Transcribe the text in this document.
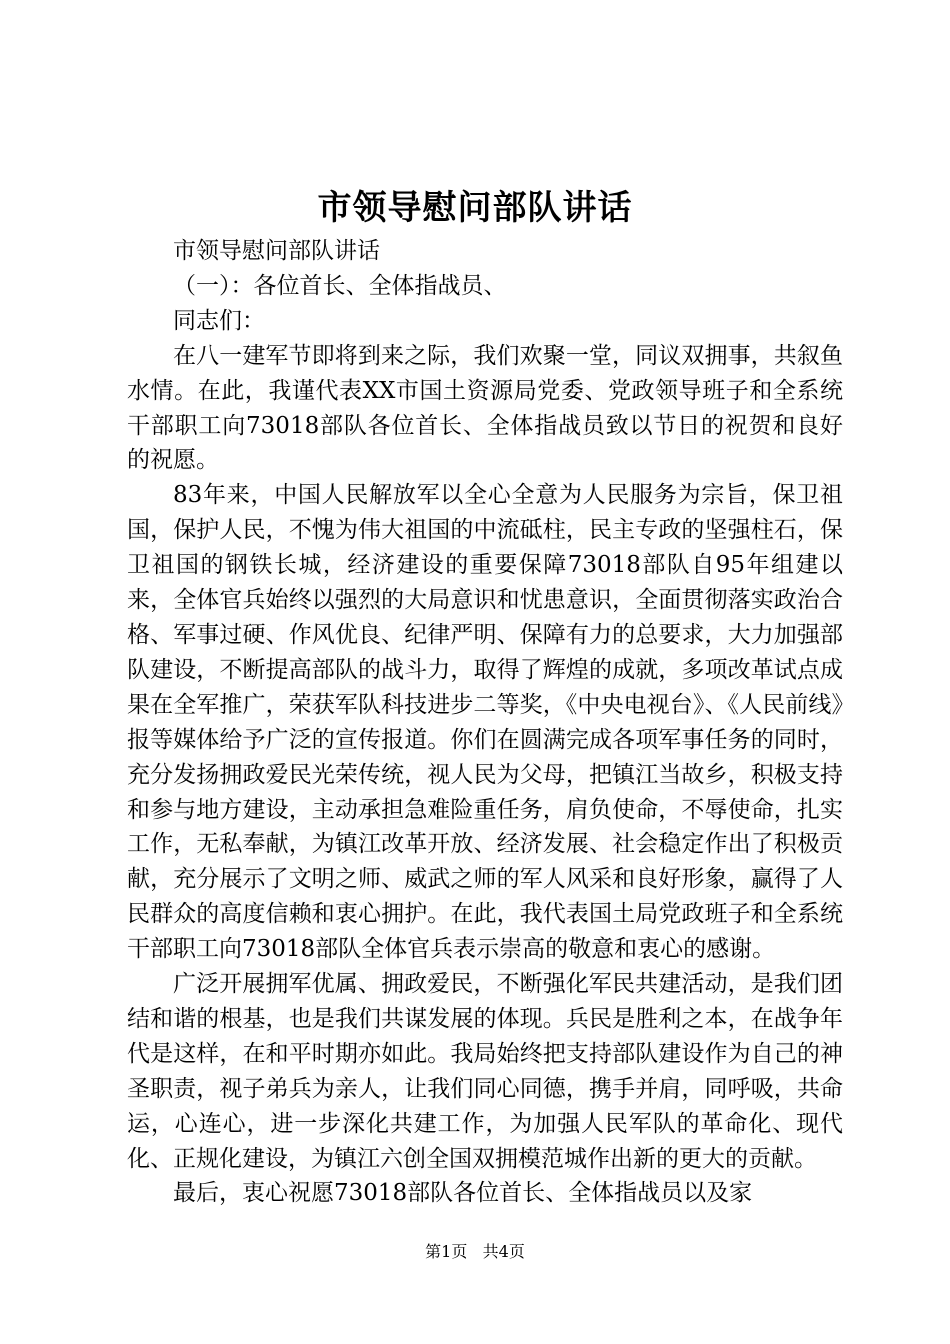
市领导慰问部队讲话

市领导慰问部队讲话

（一）：各位首长、全体指战员、

同志们：

在八一建军节即将到来之际，我们欢聚一堂，同议双拥事，共叙鱼水情。在此，我谨代表XX市国土资源局党委、党政领导班子和全系统干部职工向73018部队各位首长、全体指战员致以节日的祝贺和良好的祝愿。

83年来，中国人民解放军以全心全意为人民服务为宗旨，保卫祖国，保护人民，不愧为伟大祖国的中流砥柱，民主专政的坚强柱石，保卫祖国的钢铁长城，经济建设的重要保障73018部队自95年组建以来，全体官兵始终以强烈的大局意识和忧患意识，全面贯彻落实政治合格、军事过硬、作风优良、纪律严明、保障有力的总要求，大力加强部队建设，不断提高部队的战斗力，取得了辉煌的成就，多项改革试点成果在全军推广，荣获军队科技进步二等奖，《中央电视台》、《人民前线》报等媒体给予广泛的宣传报道。你们在圆满完成各项军事任务的同时，充分发扬拥政爱民光荣传统，视人民为父母，把镇江当故乡，积极支持和参与地方建设，主动承担急难险重任务，肩负使命，不辱使命，扎实工作，无私奉献，为镇江改革开放、经济发展、社会稳定作出了积极贡献，充分展示了文明之师、威武之师的军人风采和良好形象，赢得了人民群众的高度信赖和衷心拥护。在此，我代表国土局党政班子和全系统干部职工向73018部队全体官兵表示崇高的敬意和衷心的感谢。

广泛开展拥军优属、拥政爱民，不断强化军民共建活动，是我们团结和谐的根基，也是我们共谋发展的体现。兵民是胜利之本，在战争年代是这样，在和平时期亦如此。我局始终把支持部队建设作为自己的神圣职责，视子弟兵为亲人，让我们同心同德，携手并肩，同呼吸，共命运，心连心，进一步深化共建工作，为加强人民军队的革命化、现代化、正规化建设，为镇江六创全国双拥模范城作出新的更大的贡献。

最后，衷心祝愿73018部队各位首长、全体指战员以及家

第1页 共4页
